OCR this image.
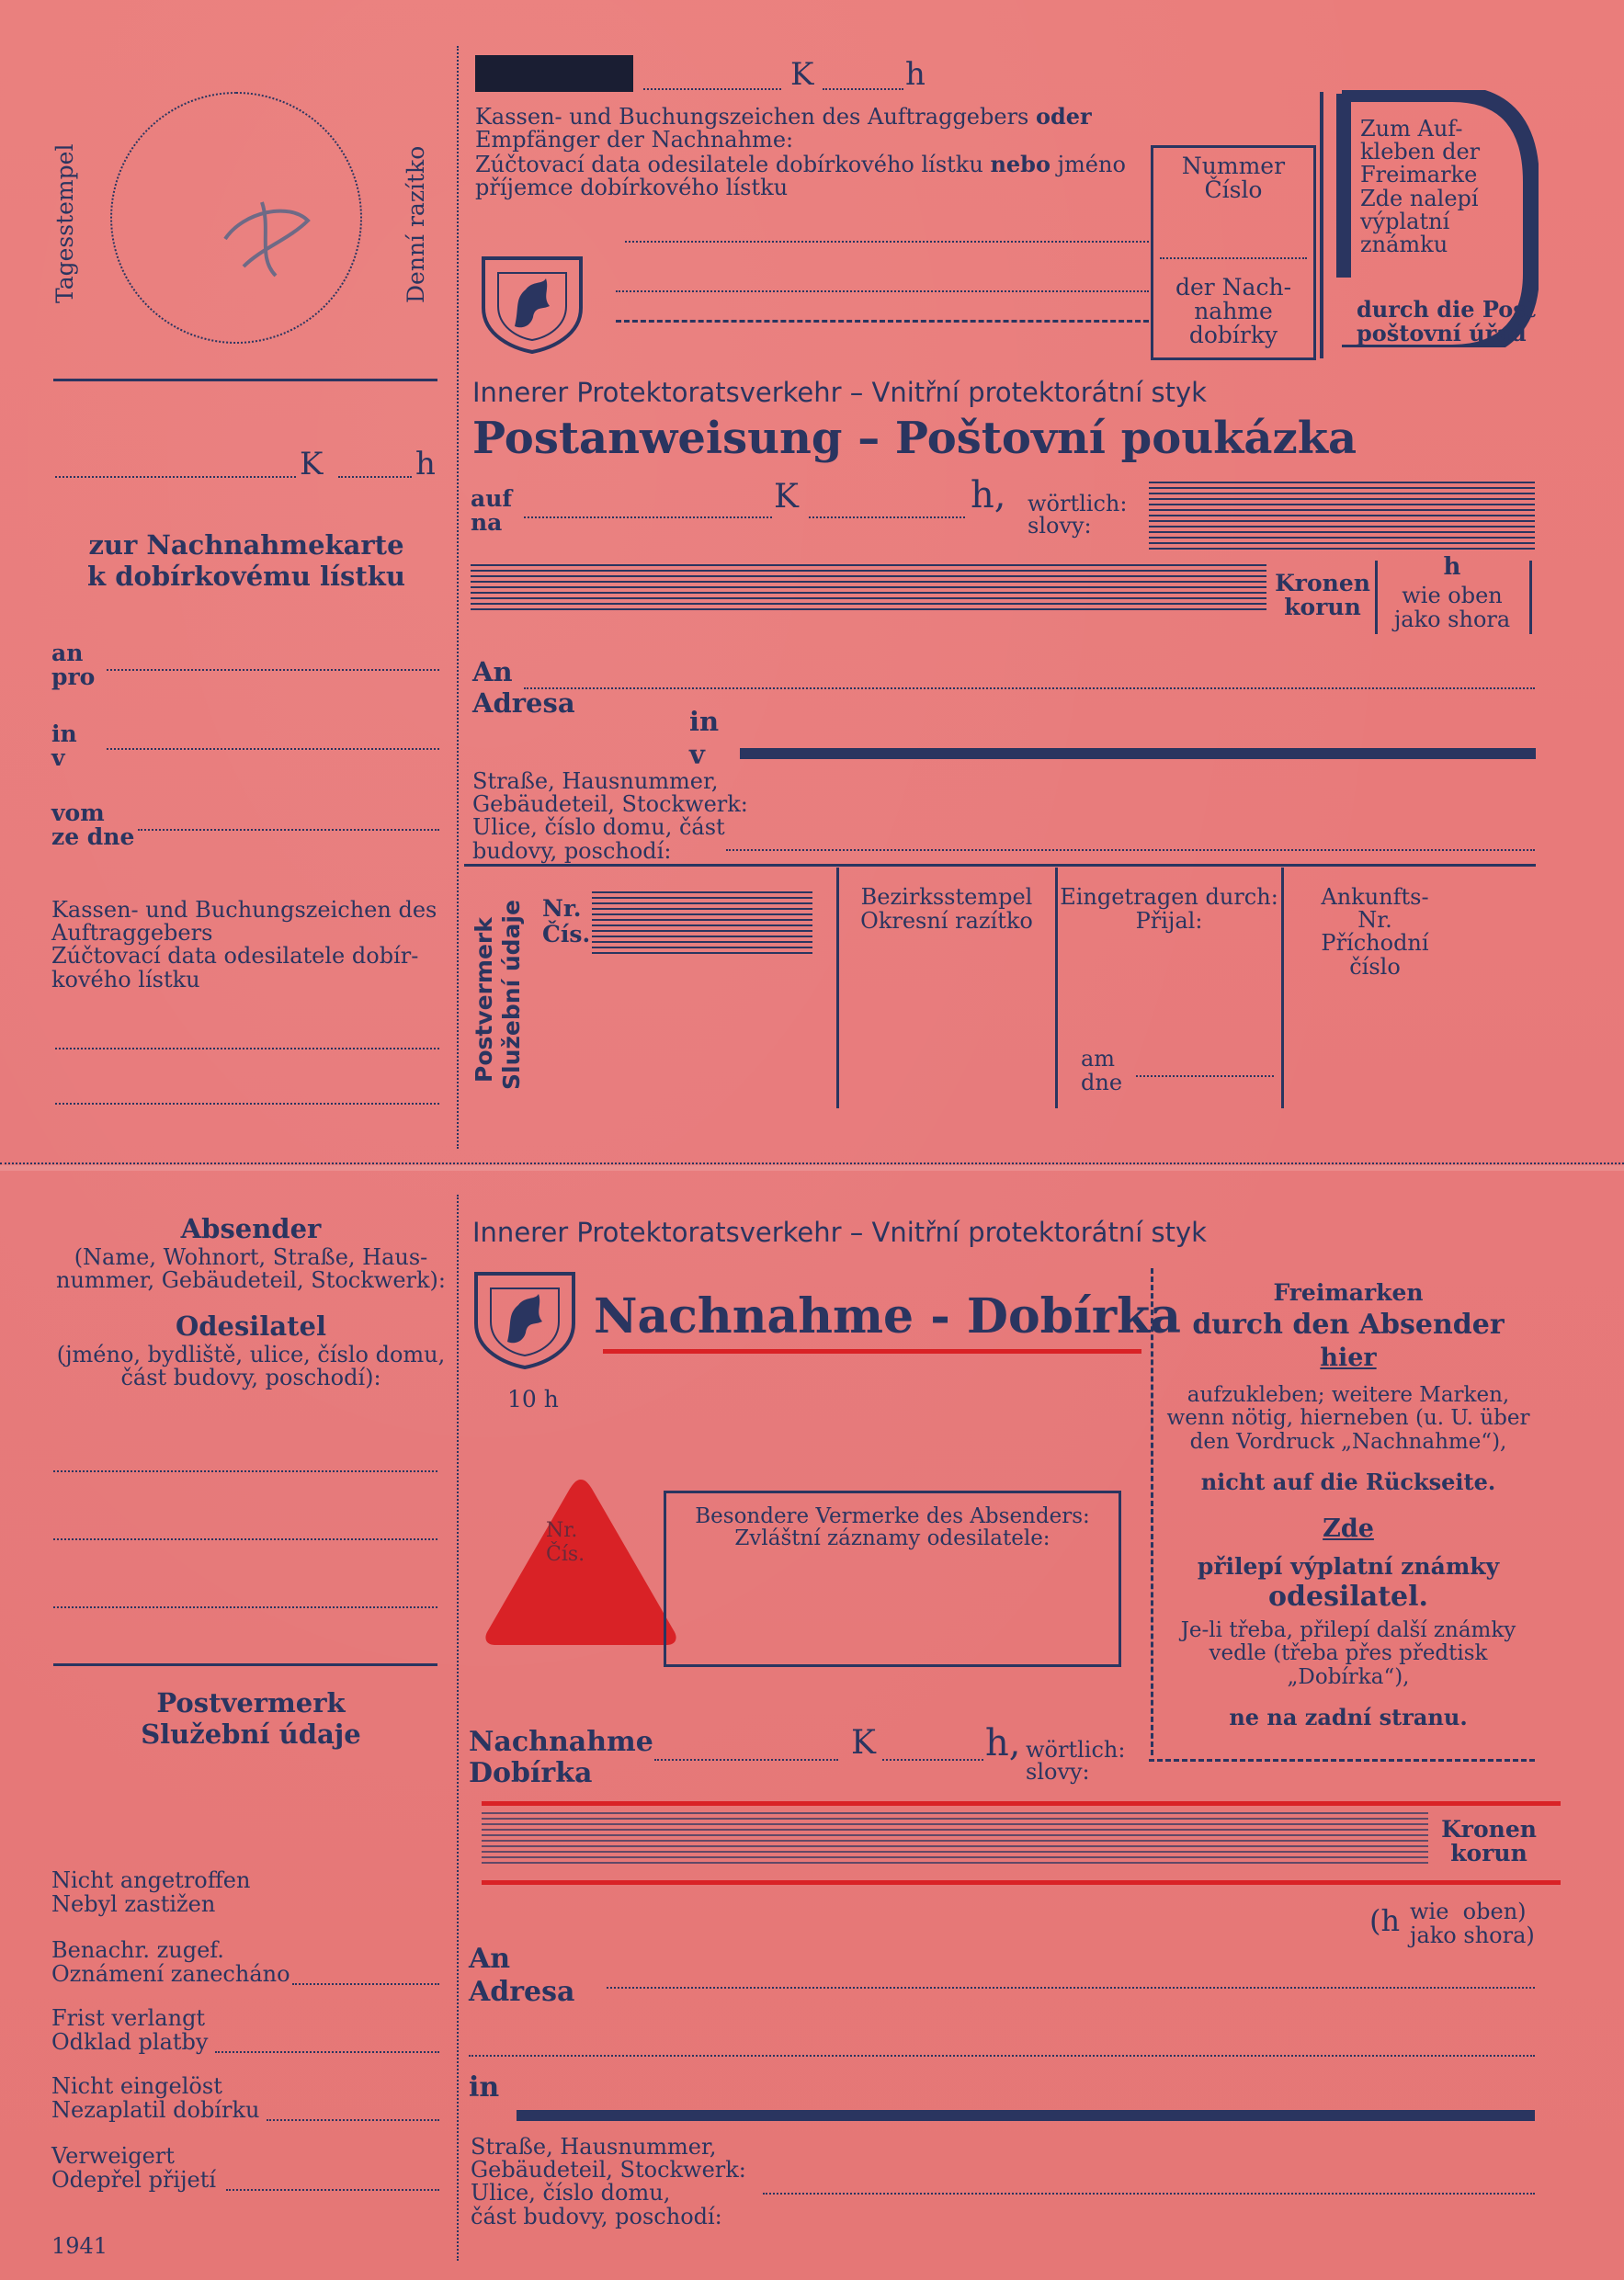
Tagesstempel	Denní razítko
K	h
Kassen- und Buchungszeichen des Auftraggebers oder
Empfänger der Nachnahme:
Zúčtovací data odesilatele dobírkového lístku nebo jméno
příjemce dobírkového lístku
Nummer
Číslo
der Nach-
nahme
dobírky
Zum Auf-
kleben der
Freimarke
Zde nalepí
výplatní
známku
durch die Post
poštovní úřad
Innerer Protektoratsverkehr – Vnitřní protektorátní styk
Postanweisung – Poštovní poukázka
auf
na
K	h, wörtlich:
slovy:
Kronen
korun
h
wie oben
jako shora
An
Adresa
in
v
Straße, Hausnummer,
Gebäudeteil, Stockwerk:
Ulice, číslo domu, část
budovy, poschodí:
Postvermerk Služební údaje Nr.
Čís.
Bezirksstempel
Okresní razítko
Eingetragen durch:
Přijal:
am
dne
Ankunfts-
Nr.
Příchodní
číslo
K	h
zur Nachnahmekarte
k dobírkovému lístku
an
pro
in
v
vom
ze dne
Kassen- und Buchungszeichen des
Auftraggebers
Zúčtovací data odesilatele dobír-
kového lístku
Innerer Protektoratsverkehr – Vnitřní protektorátní styk
10 h
Nachnahme - Dobírka
Nr.
Čís.
Besondere Vermerke des Absenders:
Zvláštní záznamy odesilatele:
Freimarken
durch den Absender
hier
aufzukleben; weitere Marken,
wenn nötig, hierneben (u. U. über
den Vordruck „Nachnahme“),
nicht auf die Rückseite.
Zde
přilepí výplatní známky
odesilatel.
Je-li třeba, přilepí další známky
vedle (třeba přes předtisk
„Dobírka“),
ne na zadní stranu.
Nachnahme
Dobírka
K	h, wörtlich:
slovy:
Kronen
korun
(h wie  oben)
jako shora)
An
Adresa
in
Straße, Hausnummer,
Gebäudeteil, Stockwerk:
Ulice, číslo domu,
část budovy, poschodí:
Absender
(Name, Wohnort, Straße, Haus-
nummer, Gebäudeteil, Stockwerk):
Odesilatel
(jméno, bydliště, ulice, číslo domu,
část budovy, poschodí):
Postvermerk
Služební údaje
Nicht angetroffen
Nebyl zastižen
Benachr. zugef.
Oznámení zanecháno
Frist verlangt
Odklad platby
Nicht eingelöst
Nezaplatil dobírku
Verweigert
Odepřel přijetí
1941
